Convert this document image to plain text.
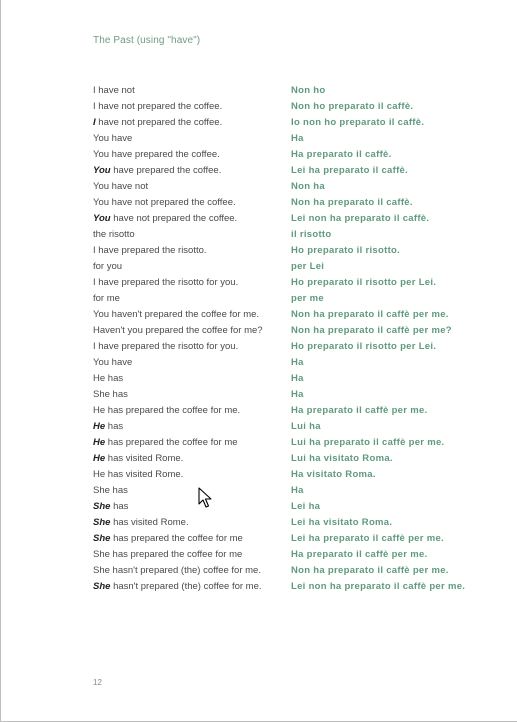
The Past (using "have")
I have not	Non ho
I have not prepared the coffee.	Non ho preparato il caffè.
I have not prepared the coffee.	Io non ho preparato il caffè.
You have	Ha
You have prepared the coffee.	Ha preparato il caffè.
You have prepared the coffee.	Lei ha preparato il caffè.
You have not	Non ha
You have not prepared the coffee.	Non ha preparato il caffè.
You have not prepared the coffee.	Lei non ha preparato il caffè.
the risotto	il risotto
I have prepared the risotto.	Ho preparato il risotto.
for you	per Lei
I have prepared the risotto for you.	Ho preparato il risotto per Lei.
for me	per me
You haven't prepared the coffee for me.	Non ha preparato il caffè per me.
Haven't you prepared the coffee for me?	Non ha preparato il caffè per me?
I have prepared the risotto for you.	Ho preparato il risotto per Lei.
You have	Ha
He has	Ha
She has	Ha
He has prepared the coffee for me.	Ha preparato il caffè per me.
He has	Lui ha
He has prepared the coffee for me	Lui ha preparato il caffè per me.
He has visited Rome.	Lui ha visitato Roma.
He has visited Rome.	Ha visitato Roma.
She has	Ha
She has	Lei ha
She has visited Rome.	Lei ha visitato Roma.
She has prepared the coffee for me	Lei ha preparato il caffè per me.
She has prepared the coffee for me	Ha preparato il caffè per me.
She hasn't prepared (the) coffee for me.	Non ha preparato il caffè per me.
She hasn't prepared (the) coffee for me.	Lei non ha preparato il caffè per me.
12
